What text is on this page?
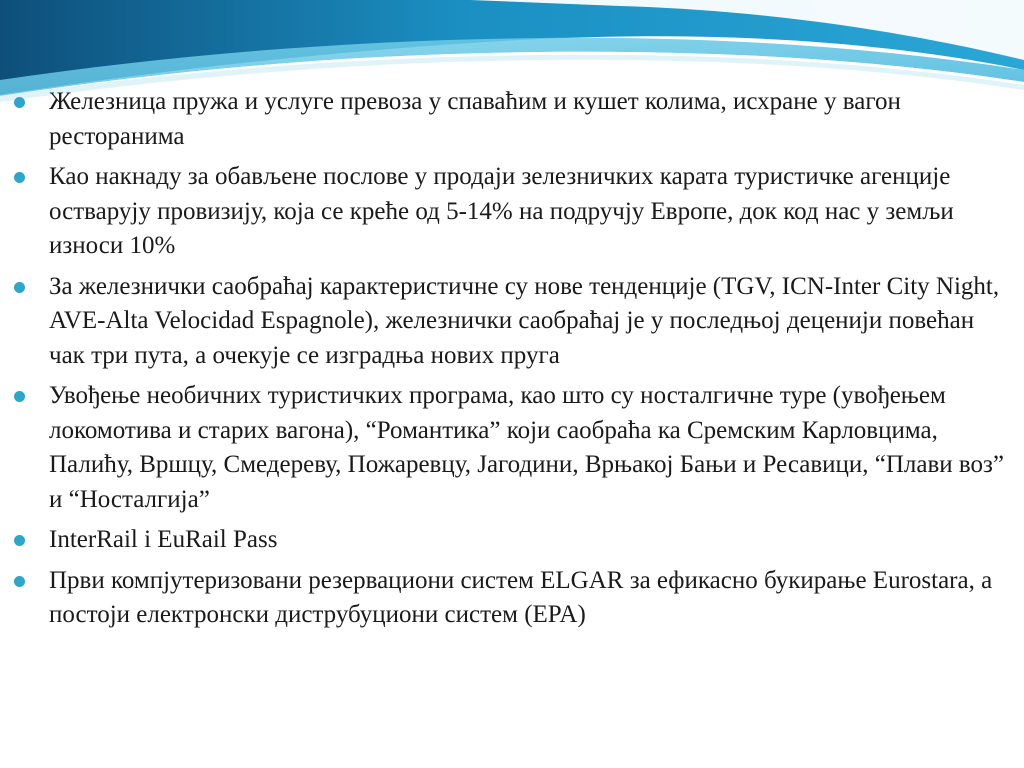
Железница пружа и услуге превоза у спаваћим и кушет колима, исхране у вагон ресторанима
Као накнаду за обављене послове у продаји зелезничких карата туристичке агенције остварују провизију, која се креће од 5-14% на подручју Европе, док код нас у земљи износи 10%
За железнички саобраћај карактеристичне су нове тенденције (TGV, ICN-Inter City Night, AVE-Alta Velocidad Espagnole), железнички саобраћај је у последњој деценији повећан чак три пута, а очекује се изградња нових пруга
Увођење необичних туристичких програма, као што су носталгичне туре (увођењем локомотива и старих вагона), “Романтика” који саобраћа ка Сремским Карловцима, Палићу, Вршцу, Смедереву, Пожаревцу, Јагодини, Врњакој Бањи и Ресавици, “Плави воз” и “Носталгија”
InterRail i EuRail Pass
Први компјутеризовани резервациони систем ELGAR за ефикасно букирање Eurostara, а постоји електронски диструбуциони систем (EPA)
